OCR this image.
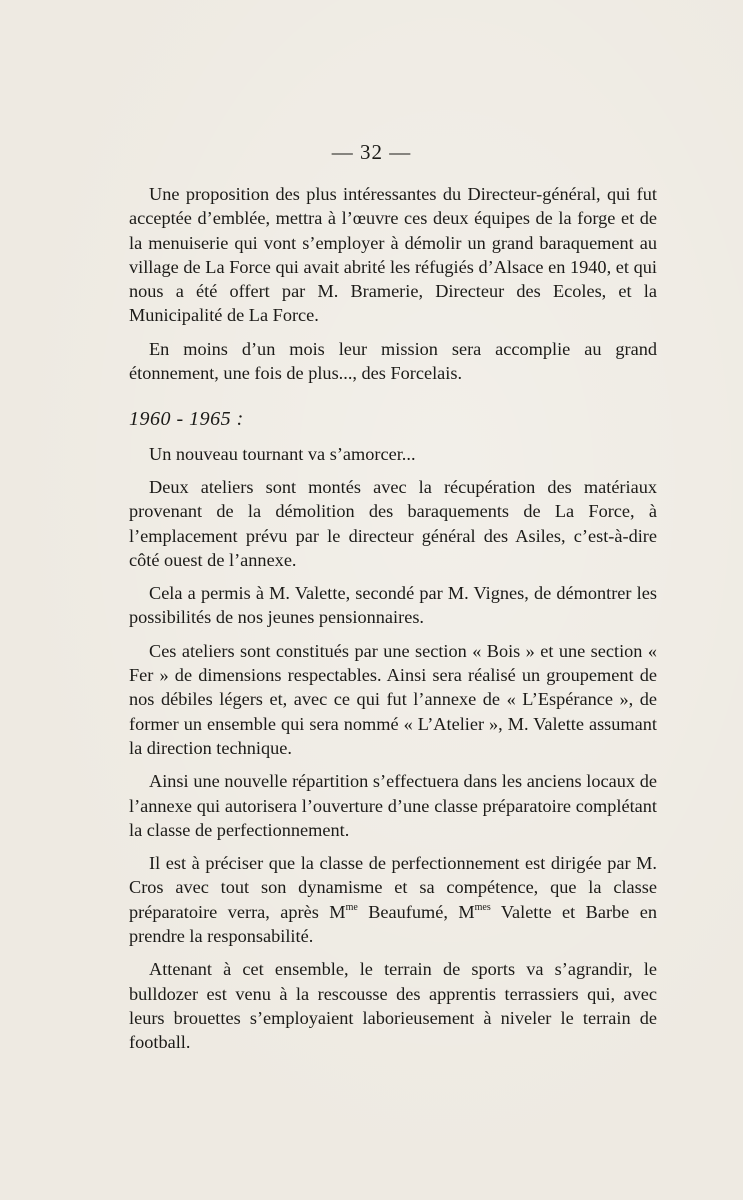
— 32 —

Une proposition des plus intéressantes du Directeur-général, qui fut acceptée d’emblée, mettra à l’œuvre ces deux équipes de la forge et de la menuiserie qui vont s’employer à démolir un grand baraquement au village de La Force qui avait abrité les réfugiés d’Alsace en 1940, et qui nous a été offert par M. Bramerie, Directeur des Ecoles, et la Municipalité de La Force.

En moins d’un mois leur mission sera accomplie au grand étonnement, une fois de plus..., des Forcelais.

1960 - 1965 :

Un nouveau tournant va s’amorcer...

Deux ateliers sont montés avec la récupération des matériaux provenant de la démolition des baraquements de La Force, à l’emplacement prévu par le directeur général des Asiles, c’est-à-dire côté ouest de l’annexe.

Cela a permis à M. Valette, secondé par M. Vignes, de démontrer les possibilités de nos jeunes pensionnaires.

Ces ateliers sont constitués par une section « Bois » et une section « Fer » de dimensions respectables. Ainsi sera réalisé un groupement de nos débiles légers et, avec ce qui fut l’annexe de « L’Espérance », de former un ensemble qui sera nommé « L’Atelier », M. Valette assumant la direction technique.

Ainsi une nouvelle répartition s’effectuera dans les anciens locaux de l’annexe qui autorisera l’ouverture d’une classe préparatoire complétant la classe de perfectionnement.

Il est à préciser que la classe de perfectionnement est dirigée par M. Cros avec tout son dynamisme et sa compétence, que la classe préparatoire verra, après $M^{me}$ Beaufumé, $M^{mes}$ Valette et Barbe en prendre la responsabilité.

Attenant à cet ensemble, le terrain de sports va s’agrandir, le bulldozer est venu à la rescousse des apprentis terrassiers qui, avec leurs brouettes s’employaient laborieusement à niveler le terrain de football.
